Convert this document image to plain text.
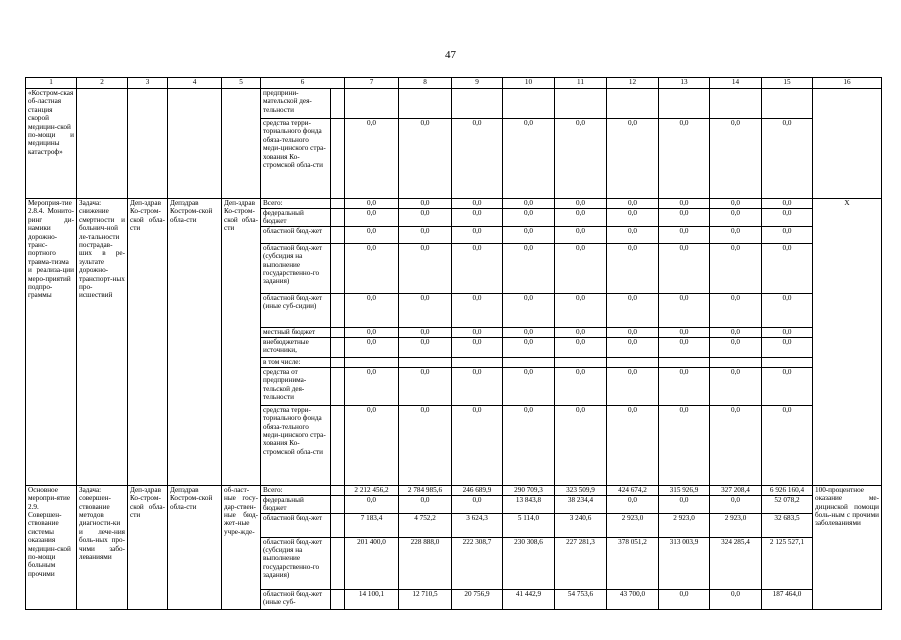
47
1	2	3	4	5	6		7	8	9	10	11	12	13	14	15	16
«Костром-ская об-ластная станция скорой медицин-ской по-мощи и медицины катастроф»					предприни-мательской дея-тельности											
					средства терри-ториального фонда обяза-тельного меди-цинского стра-хования Ко-стромской обла-сти		0,0	0,0	0,0	0,0	0,0	0,0	0,0	0,0	0,0	
Мероприя-тие 2.8.4. Монито-ринг ди-намики дорожно-транс-портного травма-тизма и реализа-ции меро-приятий подпро-граммы	Задача: снижение смертности и больнич-ной ле-тальности пострадав-ших в ре-зультате дорожно-транспорт-ных про-исшествий	Деп-здрав Ко-стром-ской обла-сти	Депздрав Костром-ской обла-сти	Деп-здрав Ко-стром-ской обла-сти	Всего:		0,0	0,0	0,0	0,0	0,0	0,0	0,0	0,0	0,0	Х
					федеральный бюджет		0,0	0,0	0,0	0,0	0,0	0,0	0,0	0,0	0,0	
					областной бюд-жет		0,0	0,0	0,0	0,0	0,0	0,0	0,0	0,0	0,0	
					областной бюд-жет (субсидия на выполнение государственно-го задания)		0,0	0,0	0,0	0,0	0,0	0,0	0,0	0,0	0,0	
					областной бюд-жет (иные суб-сидии)		0,0	0,0	0,0	0,0	0,0	0,0	0,0	0,0	0,0	
					местный бюджет		0,0	0,0	0,0	0,0	0,0	0,0	0,0	0,0	0,0	
					внебюджетные источники,		0,0	0,0	0,0	0,0	0,0	0,0	0,0	0,0	0,0	
					в том числе:											
					средства от предпринима-тельской дея-тельности		0,0	0,0	0,0	0,0	0,0	0,0	0,0	0,0	0,0	
					средства терри-ториального фонда обяза-тельного меди-цинского стра-хования Ко-стромской обла-сти		0,0	0,0	0,0	0,0	0,0	0,0	0,0	0,0	0,0	
Основное меропри-ятие 2.9. Совершен-ствование системы оказания медицин-ской по-мощи больным прочими	Задача: совершен-ствование методов диагности-ки и лече-ния боль-ных про-чими забо-леваниями	Деп-здрав Ко-стром-ской обла-сти	Депздрав Костром-ской обла-сти	об-ласт-ные госу-дар-ствен-ные бюд-жет-ные учре-жде-	Всего:		2 212 456,2	2 784 985,6	246 689,9	290 709,3	323 509,9	424 674,2	315 926,9	327 208,4	6 926 160,4	100-процентное оказание ме-дицинской помощи боль-ным с прочими заболеваниями
					федеральный бюджет		0,0	0,0	0,0	13 843,8	38 234,4	0,0	0,0	0,0	52 078,2	
					областной бюд-жет		7 183,4	4 752,2	3 624,3	5 114,0	3 240,6	2 923,0	2 923,0	2 923,0	32 683,5	
					областной бюд-жет (субсидия на выполнение государственно-го задания)		201 400,0	228 888,0	222 308,7	230 308,6	227 281,3	378 051,2	313 003,9	324 285,4	2 125 527,1	
					областной бюд-жет (иные суб-		14 100,1	12 710,5	20 756,9	41 442,9	54 753,6	43 700,0	0,0	0,0	187 464,0	
